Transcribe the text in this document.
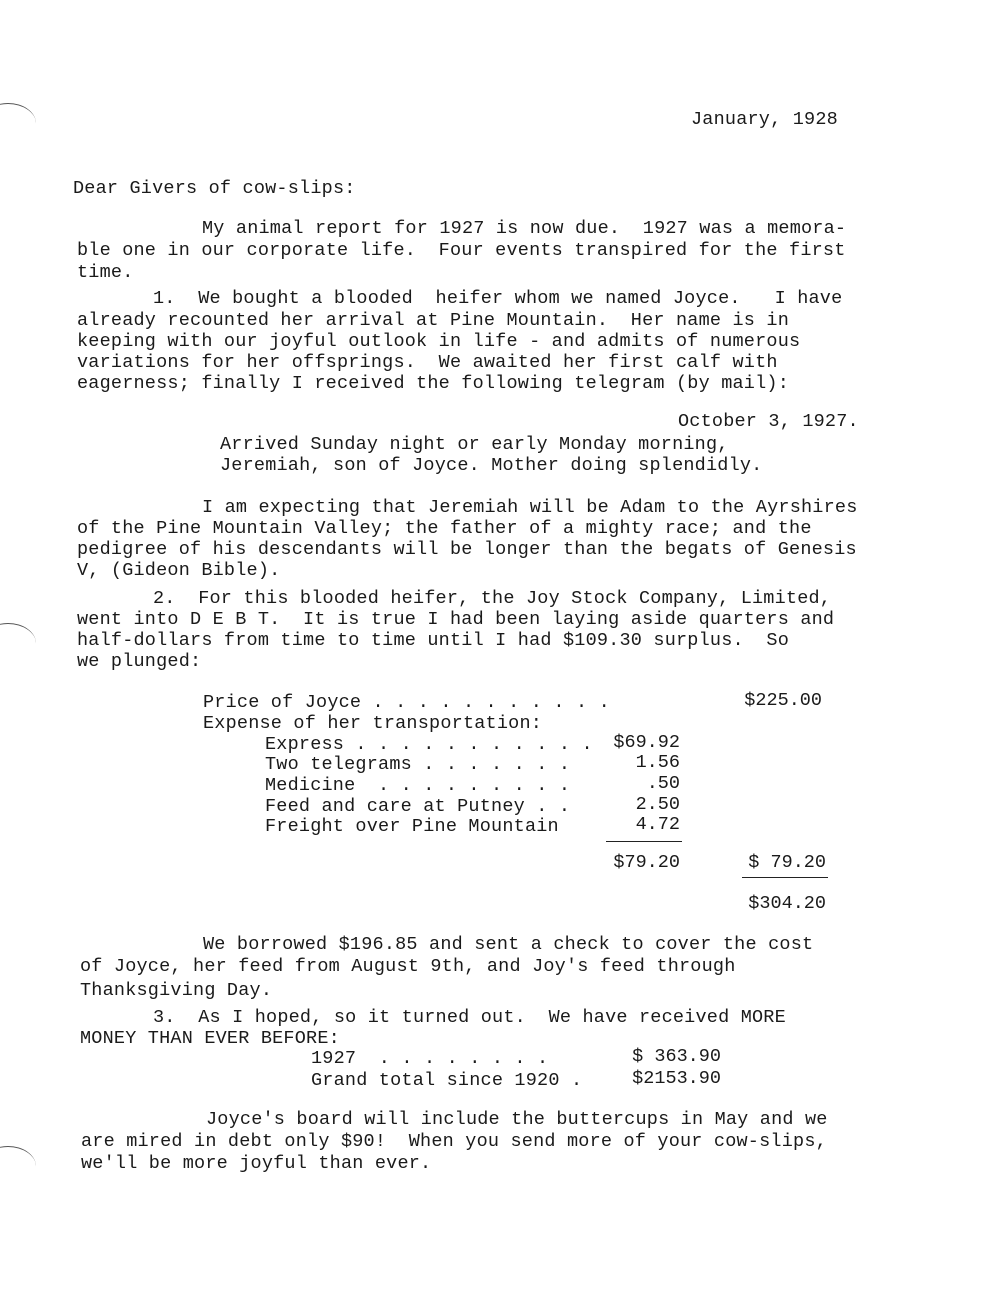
January, 1928
Dear Givers of cow-slips:
My animal report for 1927 is now due.  1927 was a memora-
ble one in our corporate life.  Four events transpired for the first
time.
1.  We bought a blooded  heifer whom we named Joyce.   I have
already recounted her arrival at Pine Mountain.  Her name is in
keeping with our joyful outlook in life - and admits of numerous
variations for her offsprings.  We awaited her first calf with
eagerness; finally I received the following telegram (by mail):
October 3, 1927.
Arrived Sunday night or early Monday morning,
Jeremiah, son of Joyce. Mother doing splendidly.
I am expecting that Jeremiah will be Adam to the Ayrshires
of the Pine Mountain Valley; the father of a mighty race; and the
pedigree of his descendants will be longer than the begats of Genesis
V, (Gideon Bible).
2.  For this blooded heifer, the Joy Stock Company, Limited,
went into D E B T.  It is true I had been laying aside quarters and
half-dollars from time to time until I had $109.30 surplus.  So
we plunged:
Price of Joyce . . . . . . . . . . .	$225.00
Expense of her transportation:
Express . . . . . . . . . . .	$69.92
Two telegrams . . . . . . .	1.56
Medicine  . . . . . . . . .	.50
Feed and care at Putney . .	2.50
Freight over Pine Mountain	4.72
$79.20	$ 79.20
$304.20
We borrowed $196.85 and sent a check to cover the cost
of Joyce, her feed from August 9th, and Joy's feed through
Thanksgiving Day.
3.  As I hoped, so it turned out.  We have received MORE
MONEY THAN EVER BEFORE:
1927  . . . . . . . .	$ 363.90
Grand total since 1920 .	$2153.90
Joyce's board will include the buttercups in May and we
are mired in debt only $90!  When you send more of your cow-slips,
we'll be more joyful than ever.
